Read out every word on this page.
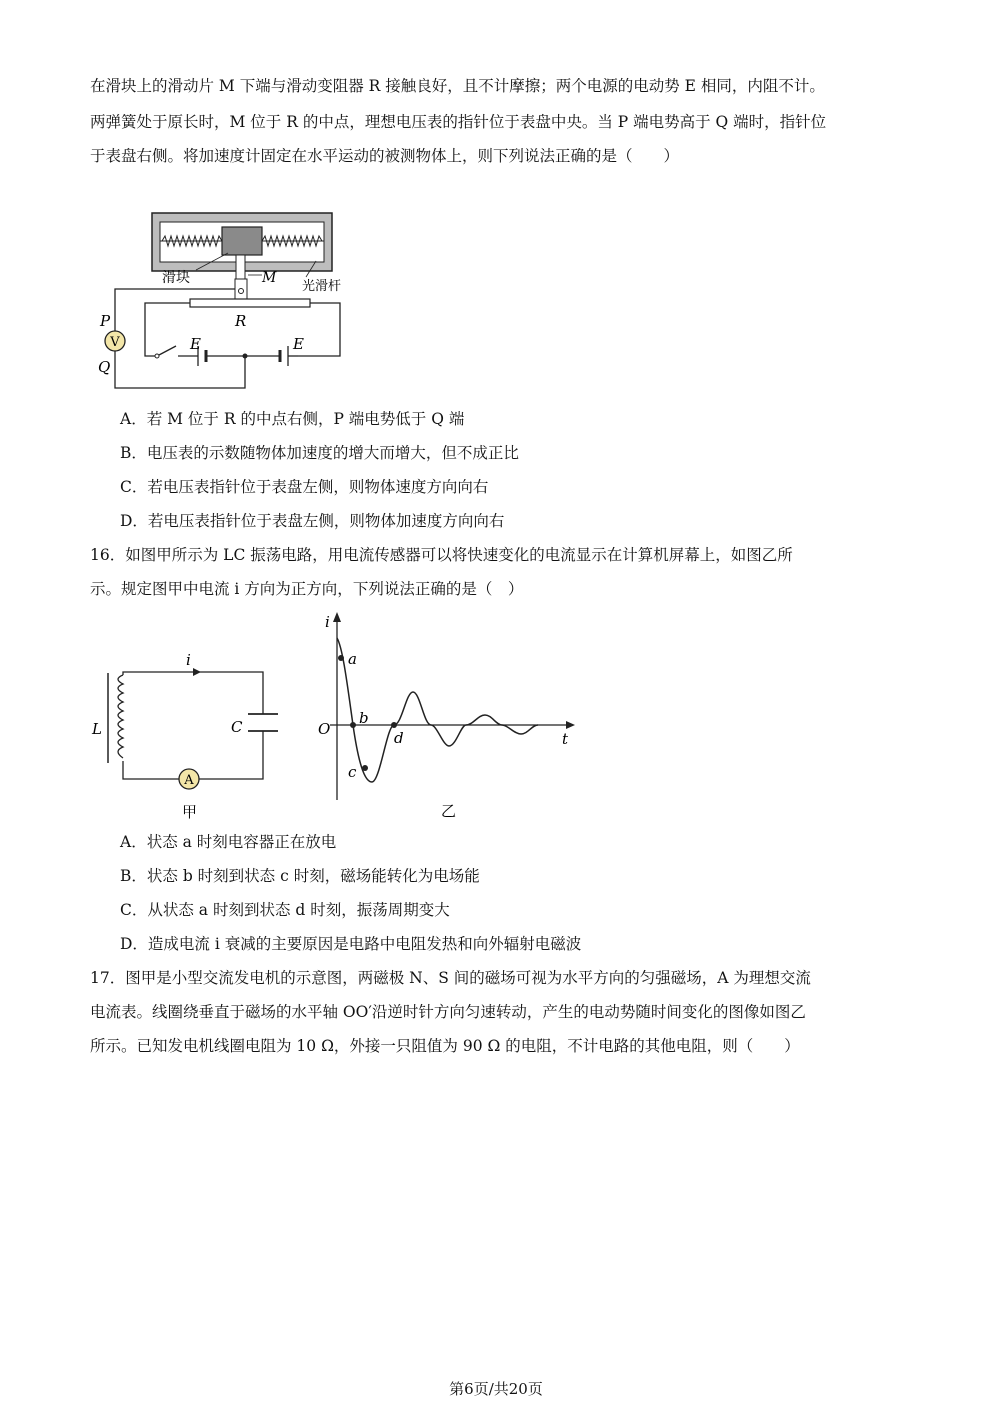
在滑块上的滑动片 M 下端与滑动变阻器 R 接触良好，且不计摩擦；两个电源的电动势 E 相同，内阻不计。
两弹簧处于原长时，M 位于 R 的中点，理想电压表的指针位于表盘中央。当 P 端电势高于 Q 端时，指针位
于表盘右侧。将加速度计固定在水平运动的被测物体上，则下列说法正确的是（　　）
V
滑块	M
光滑杆
R
P
Q
E	E
A．若 M 位于 R 的中点右侧，P 端电势低于 Q 端
B．电压表的示数随物体加速度的增大而增大，但不成正比
C．若电压表指针位于表盘左侧，则物体速度方向向右
D．若电压表指针位于表盘左侧，则物体加速度方向向右
16．如图甲所示为 LC 振荡电路，用电流传感器可以将快速变化的电流显示在计算机屏幕上，如图乙所
示。规定图甲中电流 i 方向为正方向，下列说法正确的是（　）
A
i
L	C
甲
i
t
O
a
b
c
d
乙
A．状态 a 时刻电容器正在放电
B．状态 b 时刻到状态 c 时刻，磁场能转化为电场能
C．从状态 a 时刻到状态 d 时刻，振荡周期变大
D．造成电流 i 衰减的主要原因是电路中电阻发热和向外辐射电磁波
17．图甲是小型交流发电机的示意图，两磁极 N、S 间的磁场可视为水平方向的匀强磁场，A 为理想交流
电流表。线圈绕垂直于磁场的水平轴 OO′沿逆时针方向匀速转动，产生的电动势随时间变化的图像如图乙
所示。已知发电机线圈电阻为 10 Ω，外接一只阻值为 90 Ω 的电阻，不计电路的其他电阻，则（　　）
第6页/共20页
